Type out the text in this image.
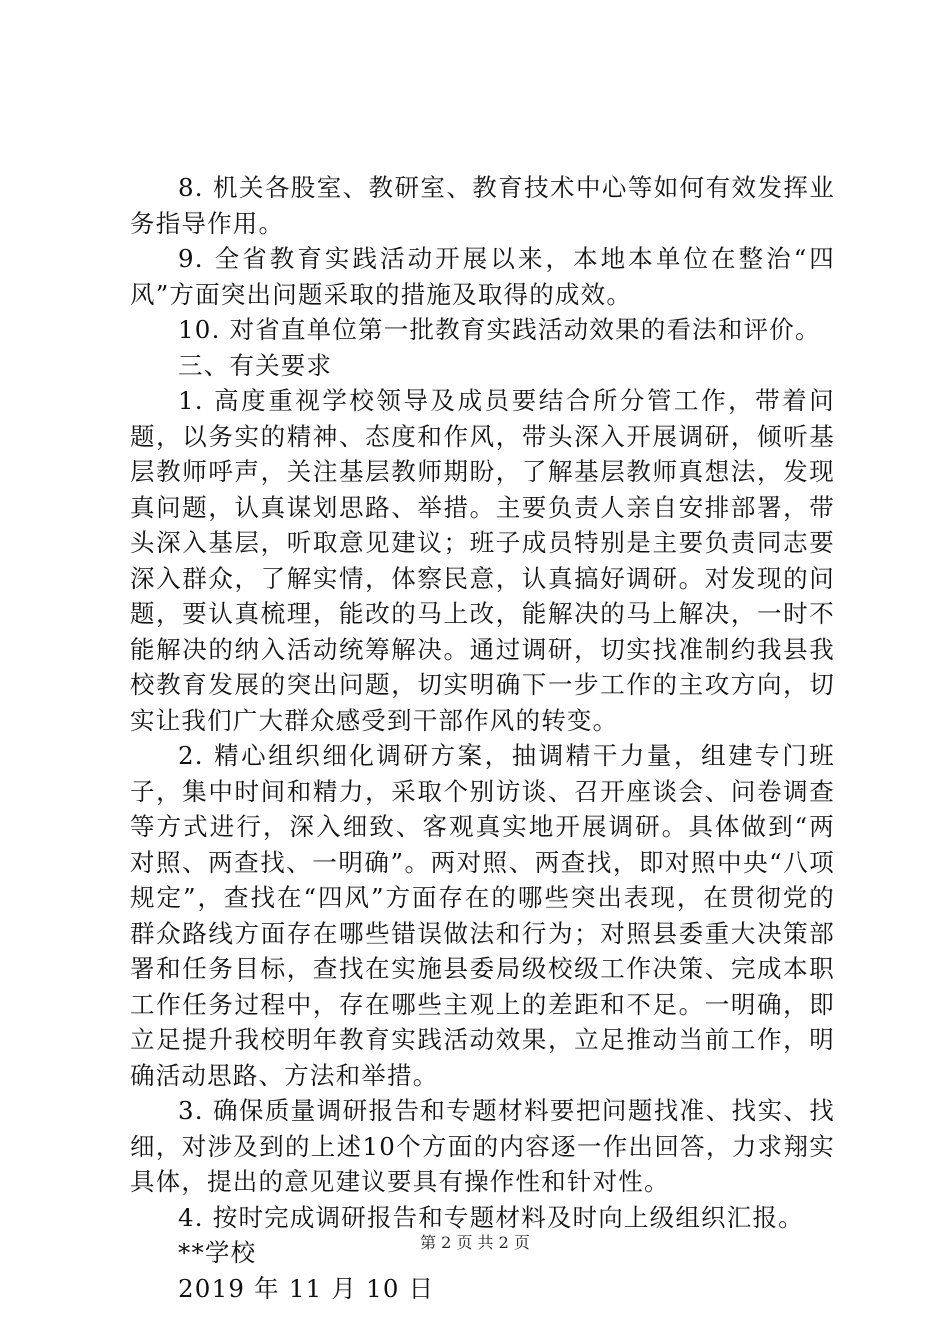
8. 机关各股室、教研室、教育技术中心等如何有效发挥业务指导作用。

9. 全省教育实践活动开展以来，本地本单位在整治“四风”方面突出问题采取的措施及取得的成效。

10. 对省直单位第一批教育实践活动效果的看法和评价。

三、有关要求

1. 高度重视学校领导及成员要结合所分管工作，带着问题，以务实的精神、态度和作风，带头深入开展调研，倾听基层教师呼声，关注基层教师期盼，了解基层教师真想法，发现真问题，认真谋划思路、举措。主要负责人亲自安排部署，带头深入基层，听取意见建议；班子成员特别是主要负责同志要深入群众，了解实情，体察民意，认真搞好调研。对发现的问题，要认真梳理，能改的马上改，能解决的马上解决，一时不能解决的纳入活动统筹解决。通过调研，切实找准制约我县我校教育发展的突出问题，切实明确下一步工作的主攻方向，切实让我们广大群众感受到干部作风的转变。

2. 精心组织细化调研方案，抽调精干力量，组建专门班子，集中时间和精力，采取个别访谈、召开座谈会、问卷调查等方式进行，深入细致、客观真实地开展调研。具体做到“两对照、两查找、一明确”。两对照、两查找，即对照中央“八项规定”，查找在“四风”方面存在的哪些突出表现，在贯彻党的群众路线方面存在哪些错误做法和行为；对照县委重大决策部署和任务目标，查找在实施县委局级校级工作决策、完成本职工作任务过程中，存在哪些主观上的差距和不足。一明确，即立足提升我校明年教育实践活动效果，立足推动当前工作，明确活动思路、方法和举措。

3. 确保质量调研报告和专题材料要把问题找准、找实、找细，对涉及到的上述10个方面的内容逐一作出回答，力求翔实具体，提出的意见建议要具有操作性和针对性。

4. 按时完成调研报告和专题材料及时向上级组织汇报。

**学校

2019 年 11 月 10 日

第 2 页 共 2 页
